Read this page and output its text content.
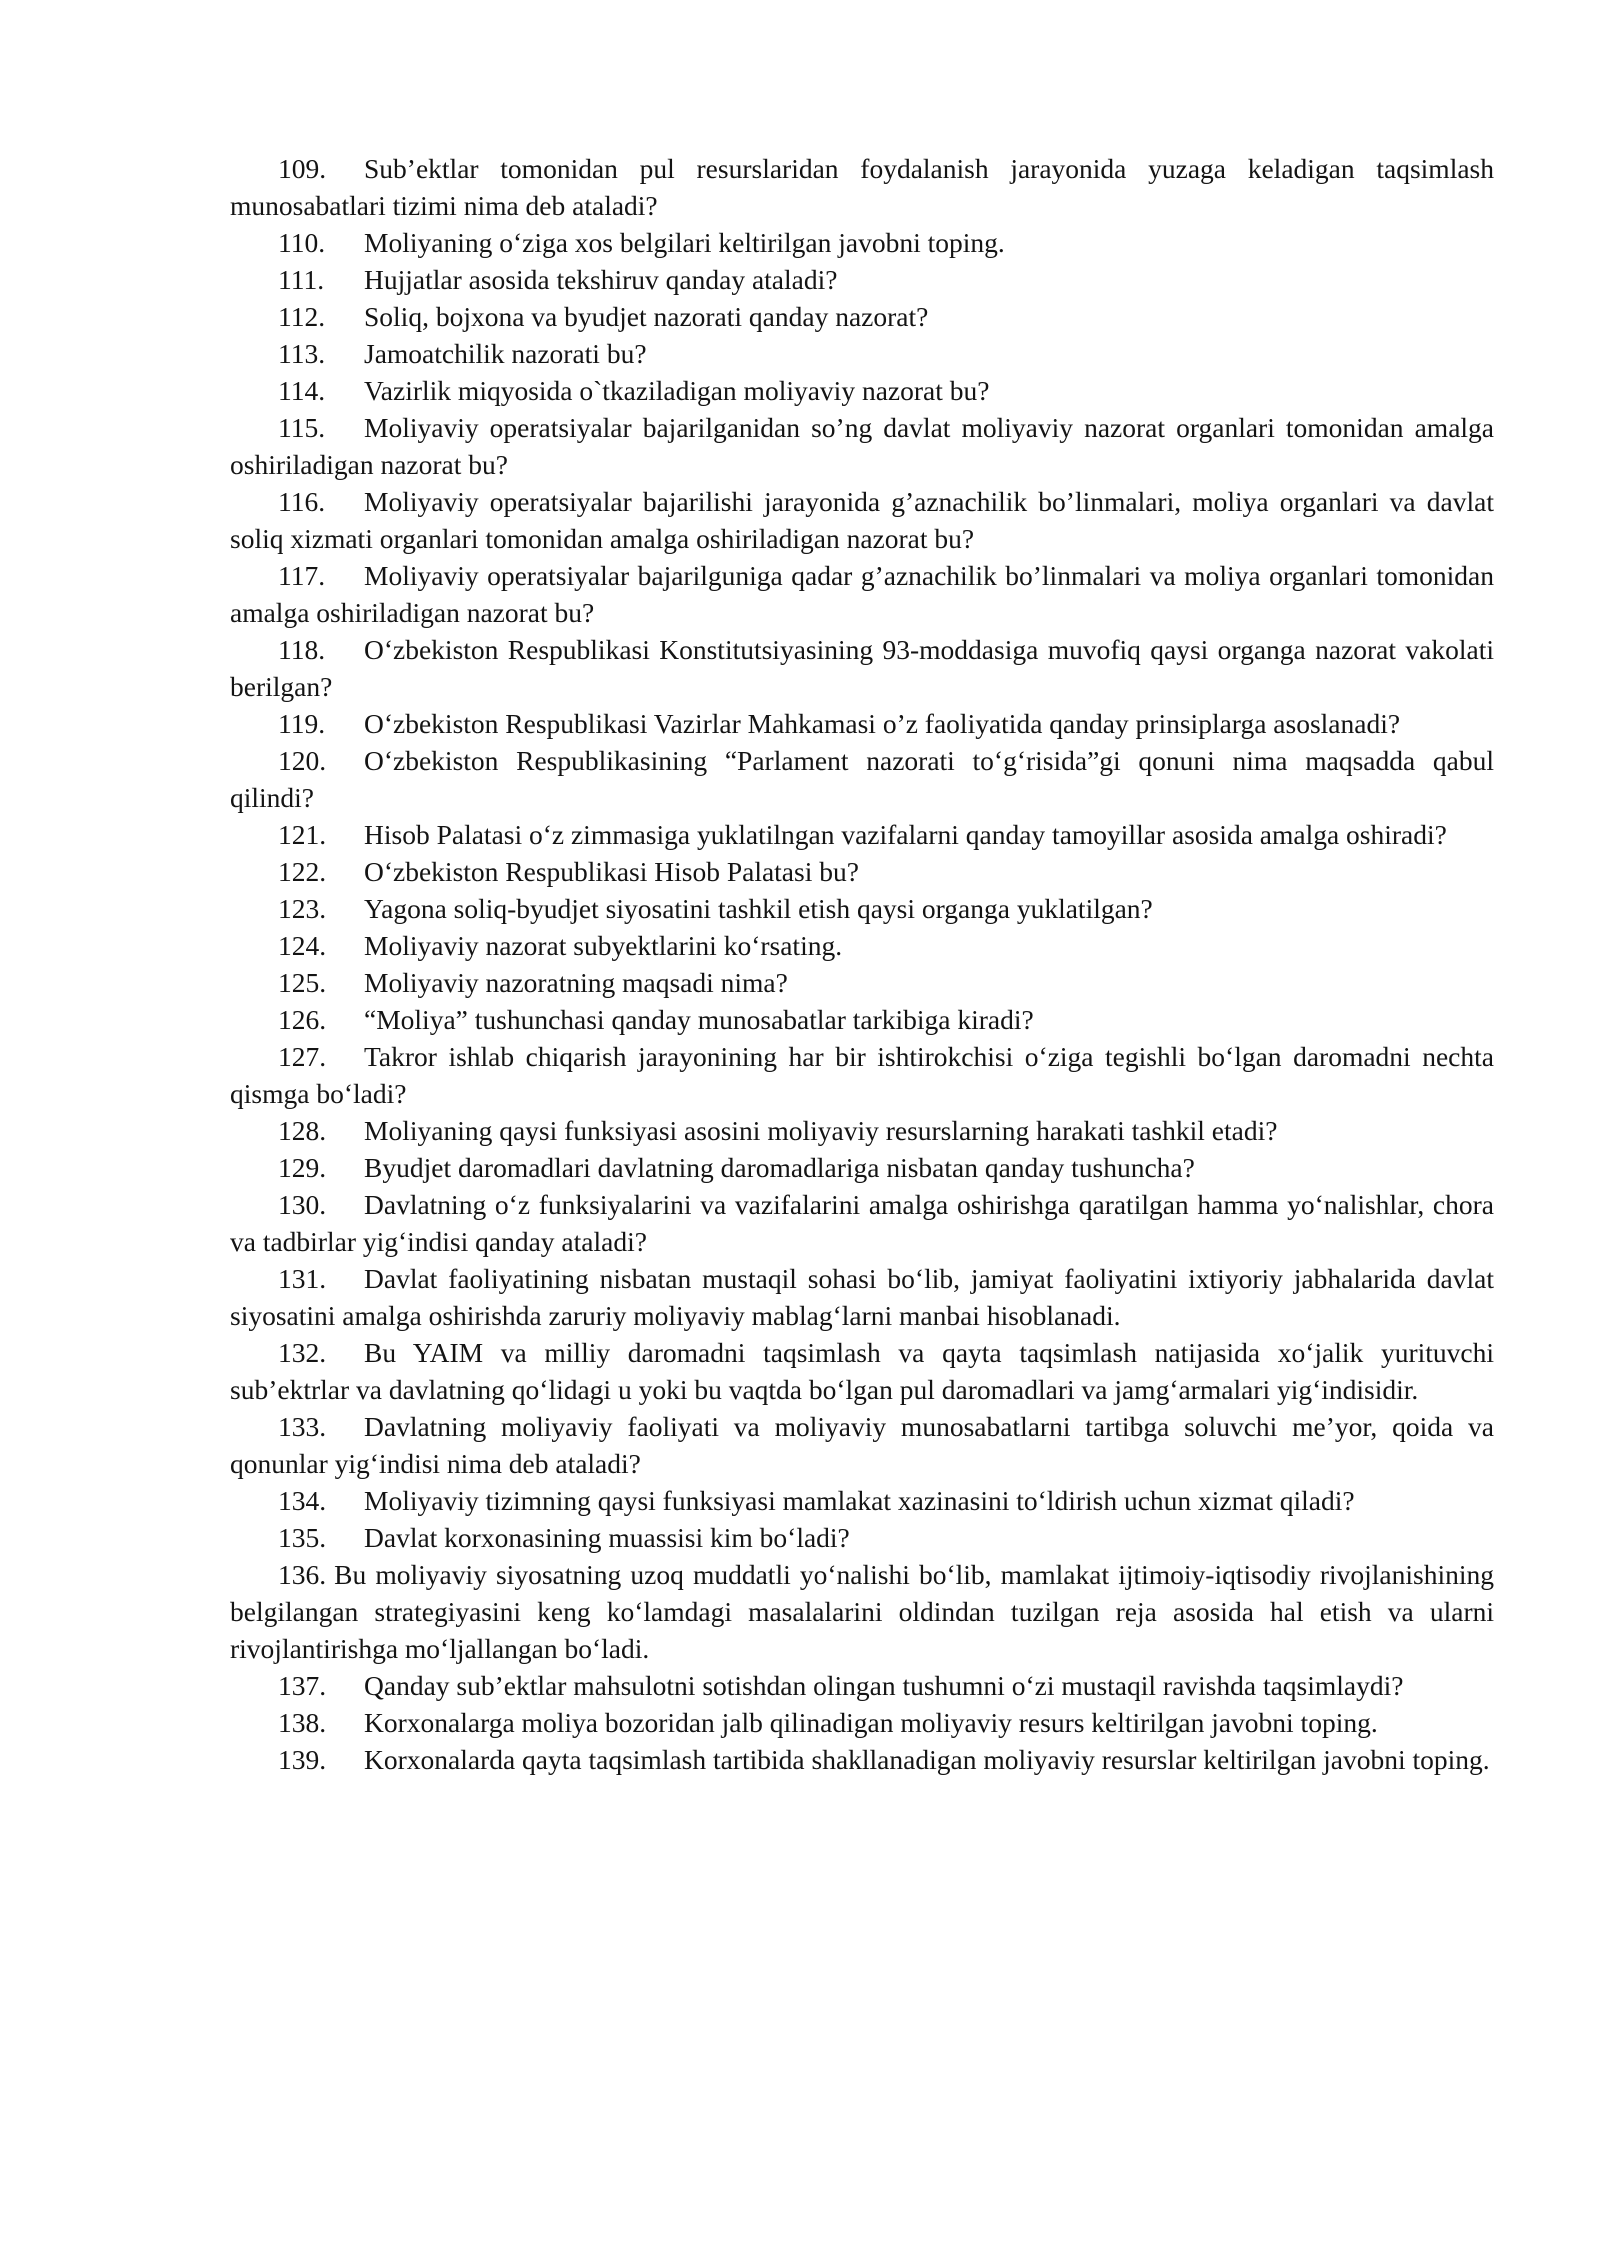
109. Sub’ektlar tomonidan pul resurslaridan foydalanish jarayonida yuzaga keladigan taqsimlash munosabatlari tizimi nima deb ataladi?

110. Moliyaning o‘ziga xos belgilari keltirilgan javobni toping.

111. Hujjatlar asosida tekshiruv qanday ataladi?

112. Soliq, bojxona va byudjet nazorati qanday nazorat?

113. Jamoatchilik nazorati bu?

114. Vazirlik miqyosida o`tkaziladigan moliyaviy nazorat bu?

115. Moliyaviy operatsiyalar bajarilganidan so’ng davlat moliyaviy nazorat organlari tomonidan amalga oshiriladigan nazorat bu?

116. Moliyaviy operatsiyalar bajarilishi jarayonida g’aznachilik bo’linmalari, moliya organlari va davlat soliq xizmati organlari tomonidan amalga oshiriladigan nazorat bu?

117. Moliyaviy operatsiyalar bajarilguniga qadar g’aznachilik bo’linmalari va moliya organlari tomonidan amalga oshiriladigan nazorat bu?

118. O‘zbekiston Respublikasi Konstitutsiyasining 93-moddasiga muvofiq qaysi organga nazorat vakolati berilgan?

119. O‘zbekiston Respublikasi Vazirlar Mahkamasi o’z faoliyatida qanday prinsiplarga asoslanadi?

120. O‘zbekiston Respublikasining “Parlament nazorati to‘g‘risida”gi qonuni nima maqsadda qabul qilindi?

121. Hisob Palatasi o‘z zimmasiga yuklatilngan vazifalarni qanday tamoyillar asosida amalga oshiradi?

122. O‘zbekiston Respublikasi Hisob Palatasi bu?

123. Yagona soliq-byudjet siyosatini tashkil etish qaysi organga yuklatilgan?

124. Moliyaviy nazorat subyektlarini ko‘rsating.

125. Moliyaviy nazoratning maqsadi nima?

126. “Moliya” tushunchasi qanday munosabatlar tarkibiga kiradi?

127. Takror ishlab chiqarish jarayonining har bir ishtirokchisi o‘ziga tegishli bo‘lgan daromadni nechta qismga bo‘ladi?

128. Moliyaning qaysi funksiyasi asosini moliyaviy resurslarning harakati tashkil etadi?

129. Byudjet daromadlari davlatning daromadlariga nisbatan qanday tushuncha?

130. Davlatning o‘z funksiyalarini va vazifalarini amalga oshirishga qaratilgan hamma yo‘nalishlar, chora va tadbirlar yig‘indisi qanday ataladi?

131. Davlat faoliyatining nisbatan mustaqil sohasi bo‘lib, jamiyat faoliyatini ixtiyoriy jabhalarida davlat siyosatini amalga oshirishda zaruriy moliyaviy mablag‘larni manbai hisoblanadi.

132. Bu YAIM va milliy daromadni taqsimlash va qayta taqsimlash natijasida xo‘jalik yurituvchi sub’ektrlar va davlatning qo‘lidagi u yoki bu vaqtda bo‘lgan pul daromadlari va jamg‘armalari yig‘indisidir.

133. Davlatning moliyaviy faoliyati va moliyaviy munosabatlarni tartibga soluvchi me’yor, qoida va qonunlar yig‘indisi nima deb ataladi?

134. Moliyaviy tizimning qaysi funksiyasi mamlakat xazinasini to‘ldirish uchun xizmat qiladi?

135. Davlat korxonasining muassisi kim bo‘ladi?

136. Bu moliyaviy siyosatning uzoq muddatli yo‘nalishi bo‘lib, mamlakat ijtimoiy-iqtisodiy rivojlanishining belgilangan strategiyasini keng ko‘lamdagi masalalarini oldindan tuzilgan reja asosida hal etish va ularni rivojlantirishga mo‘ljallangan bo‘ladi.

137. Qanday sub’ektlar mahsulotni sotishdan olingan tushumni o‘zi mustaqil ravishda taqsimlaydi?

138. Korxonalarga moliya bozoridan jalb qilinadigan moliyaviy resurs keltirilgan javobni toping.

139. Korxonalarda qayta taqsimlash tartibida shakllanadigan moliyaviy resurslar keltirilgan javobni toping.
